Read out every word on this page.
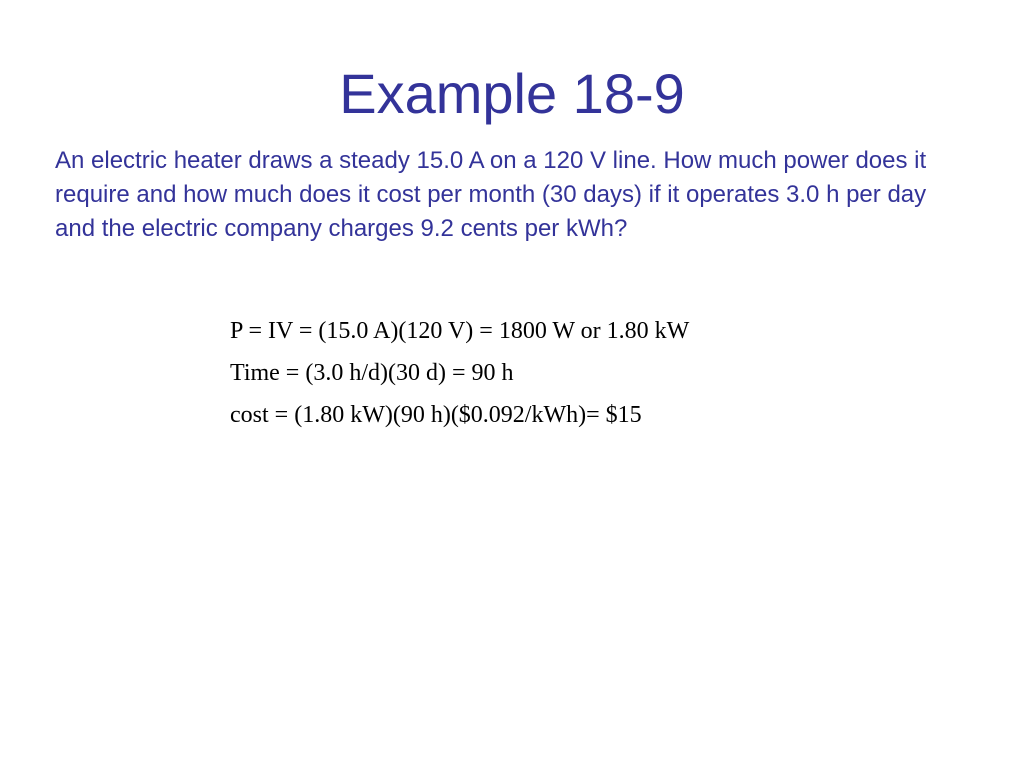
Example 18-9

An electric heater draws a steady 15.0 A on a 120 V line. How much power does it require and how much does it cost per month (30 days) if it operates 3.0 h per day and the electric company charges 9.2 cents per kWh?

P = IV = (15.0 A)(120 V) = 1800 W or 1.80 kW
Time = (3.0 h/d)(30 d) = 90 h
cost = (1.80 kW)(90 h)($0.092/kWh)= $15
